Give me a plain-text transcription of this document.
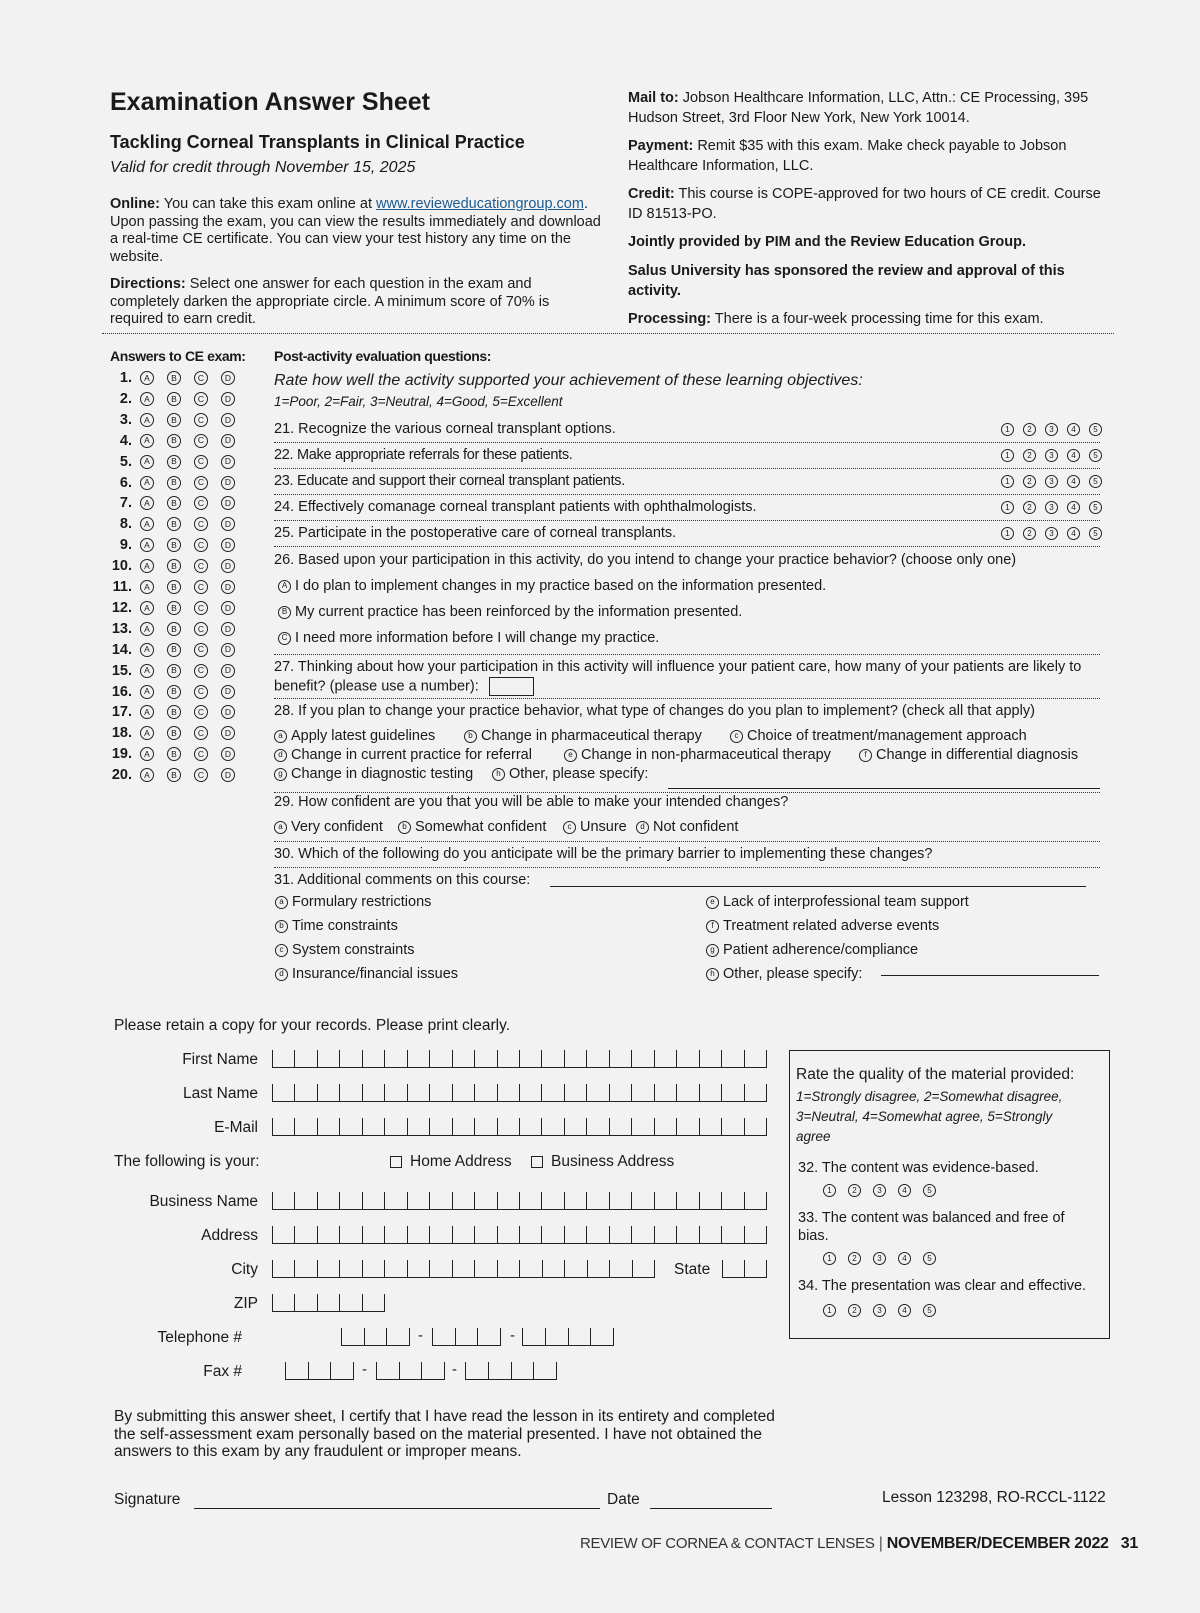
Examination Answer Sheet
Tackling Corneal Transplants in Clinical Practice
Valid for credit through November 15, 2025
Online: You can take this exam online at www.revieweducationgroup.com. Upon passing the exam, you can view the results immediately and download a real-time CE certificate. You can view your test history any time on the website.
Directions: Select one answer for each question in the exam and completely darken the appropriate circle. A minimum score of 70% is required to earn credit.
Mail to: Jobson Healthcare Information, LLC, Attn.: CE Processing, 395 Hudson Street, 3rd Floor New York, New York 10014.
Payment: Remit $35 with this exam. Make check payable to Jobson Healthcare Information, LLC.
Credit: This course is COPE-approved for two hours of CE credit. Course ID 81513-PO.
Jointly provided by PIM and the Review Education Group.
Salus University has sponsored the review and approval of this activity.
Processing: There is a four-week processing time for this exam.
Answers to CE exam:
1.	A	B	C	D
2.	A	B	C	D
3.	A	B	C	D
4.	A	B	C	D
5.	A	B	C	D
6.	A	B	C	D
7.	A	B	C	D
8.	A	B	C	D
9.	A	B	C	D
10.	A	B	C	D
11.	A	B	C	D
12.	A	B	C	D
13.	A	B	C	D
14.	A	B	C	D
15.	A	B	C	D
16.	A	B	C	D
17.	A	B	C	D
18.	A	B	C	D
19.	A	B	C	D
20.	A	B	C	D
Post-activity evaluation questions:
Rate how well the activity supported your achievement of these learning objectives:
1=Poor, 2=Fair, 3=Neutral, 4=Good, 5=Excellent
21. Recognize the various corneal transplant options.	1	2	3	4	5
22. Make appropriate referrals for these patients.	1	2	3	4	5
23. Educate and support their corneal transplant patients.	1	2	3	4	5
24. Effectively comanage corneal transplant patients with ophthalmologists.	1	2	3	4	5
25. Participate in the postoperative care of corneal transplants.	1	2	3	4	5
26. Based upon your participation in this activity, do you intend to change your practice behavior? (choose only one)
A I do plan to implement changes in my practice based on the information presented.
B My current practice has been reinforced by the information presented.
C I need more information before I will change my practice.
27. Thinking about how your participation in this activity will influence your patient care, how many of your patients are likely to benefit? (please use a number):
28. If you plan to change your practice behavior, what type of changes do you plan to implement? (check all that apply)
a Apply latest guidelines	b Change in pharmaceutical therapy	c Choice of treatment/management approach
d Change in current practice for referral	e Change in non-pharmaceutical therapy	f Change in differential diagnosis
g Change in diagnostic testing	h Other, please specify:
29. How confident are you that you will be able to make your intended changes?
a Very confident	b Somewhat confident	c Unsure	d Not confident
30. Which of the following do you anticipate will be the primary barrier to implementing these changes?
31. Additional comments on this course:
a Formulary restrictions
b Time constraints
c System constraints
d Insurance/financial issues
e Lack of interprofessional team support
f Treatment related adverse events
g Patient adherence/compliance
h Other, please specify:
Please retain a copy for your records. Please print clearly.
First Name
Last Name
E-Mail
The following is your:	Home Address	Business Address
Business Name
Address
City	State
ZIP
Telephone #	-	-
Fax #	-	-
By submitting this answer sheet, I certify that I have read the lesson in its entirety and completed the self-assessment exam personally based on the material presented. I have not obtained the answers to this exam by any fraudulent or improper means.
Signature	Date	Lesson 123298, RO-RCCL-1122
Rate the quality of the material provided:
1=Strongly disagree, 2=Somewhat disagree, 3=Neutral, 4=Somewhat agree, 5=Strongly agree
32. The content was evidence-based.
1	2	3	4	5
33. The content was balanced and free of bias.
1	2	3	4	5
34. The presentation was clear and effective.
1	2	3	4	5
REVIEW OF CORNEA & CONTACT LENSES | NOVEMBER/DECEMBER 2022 31
